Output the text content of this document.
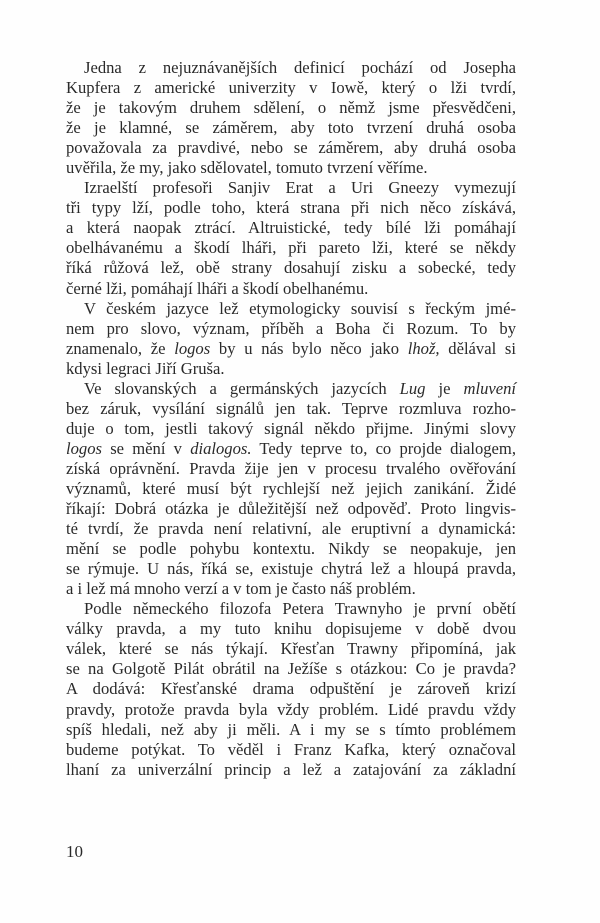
Jedna z nejuznávanějších definicí pochází od Josepha
Kupfera z americké univerzity v Iowě, který o lži tvrdí,
že je takovým druhem sdělení, o němž jsme přesvědčeni,
že je klamné, se záměrem, aby toto tvrzení druhá osoba
považovala za pravdivé, nebo se záměrem, aby druhá osoba
uvěřila, že my, jako sdělovatel, tomuto tvrzení věříme.
Izraelští profesoři Sanjiv Erat a Uri Gneezy vymezují
tři typy lží, podle toho, která strana při nich něco získává,
a která naopak ztrácí. Altruistické, tedy bílé lži pomáhají
obelhávanému a škodí lháři, při pareto lži, které se někdy
říká růžová lež, obě strany dosahují zisku a sobecké, tedy
černé lži, pomáhají lháři a škodí obelhanému.
V českém jazyce lež etymologicky souvisí s řeckým jmé-
nem pro slovo, význam, příběh a Boha či Rozum. To by
znamenalo, že logos by u nás bylo něco jako lhož, dělával si
kdysi legraci Jiří Gruša.
Ve slovanských a germánských jazycích Lug je mluvení
bez záruk, vysílání signálů jen tak. Teprve rozmluva rozho-
duje o tom, jestli takový signál někdo přijme. Jinými slovy
logos se mění v dialogos. Tedy teprve to, co projde dialogem,
získá oprávnění. Pravda žije jen v procesu trvalého ověřování
významů, které musí být rychlejší než jejich zanikání. Židé
říkají: Dobrá otázka je důležitější než odpověď. Proto lingvis-
té tvrdí, že pravda není relativní, ale eruptivní a dynamická:
mění se podle pohybu kontextu. Nikdy se neopakuje, jen
se rýmuje. U nás, říká se, existuje chytrá lež a hloupá pravda,
a i lež má mnoho verzí a v tom je často náš problém.
Podle německého filozofa Petera Trawnyho je první obětí
války pravda, a my tuto knihu dopisujeme v době dvou
válek, které se nás týkají. Křesťan Trawny připomíná, jak
se na Golgotě Pilát obrátil na Ježíše s otázkou: Co je pravda?
A dodává: Křesťanské drama odpuštění je zároveň krizí
pravdy, protože pravda byla vždy problém. Lidé pravdu vždy
spíš hledali, než aby ji měli. A i my se s tímto problémem
budeme potýkat. To věděl i Franz Kafka, který označoval
lhaní za univerzální princip a lež a zatajování za základní
10
